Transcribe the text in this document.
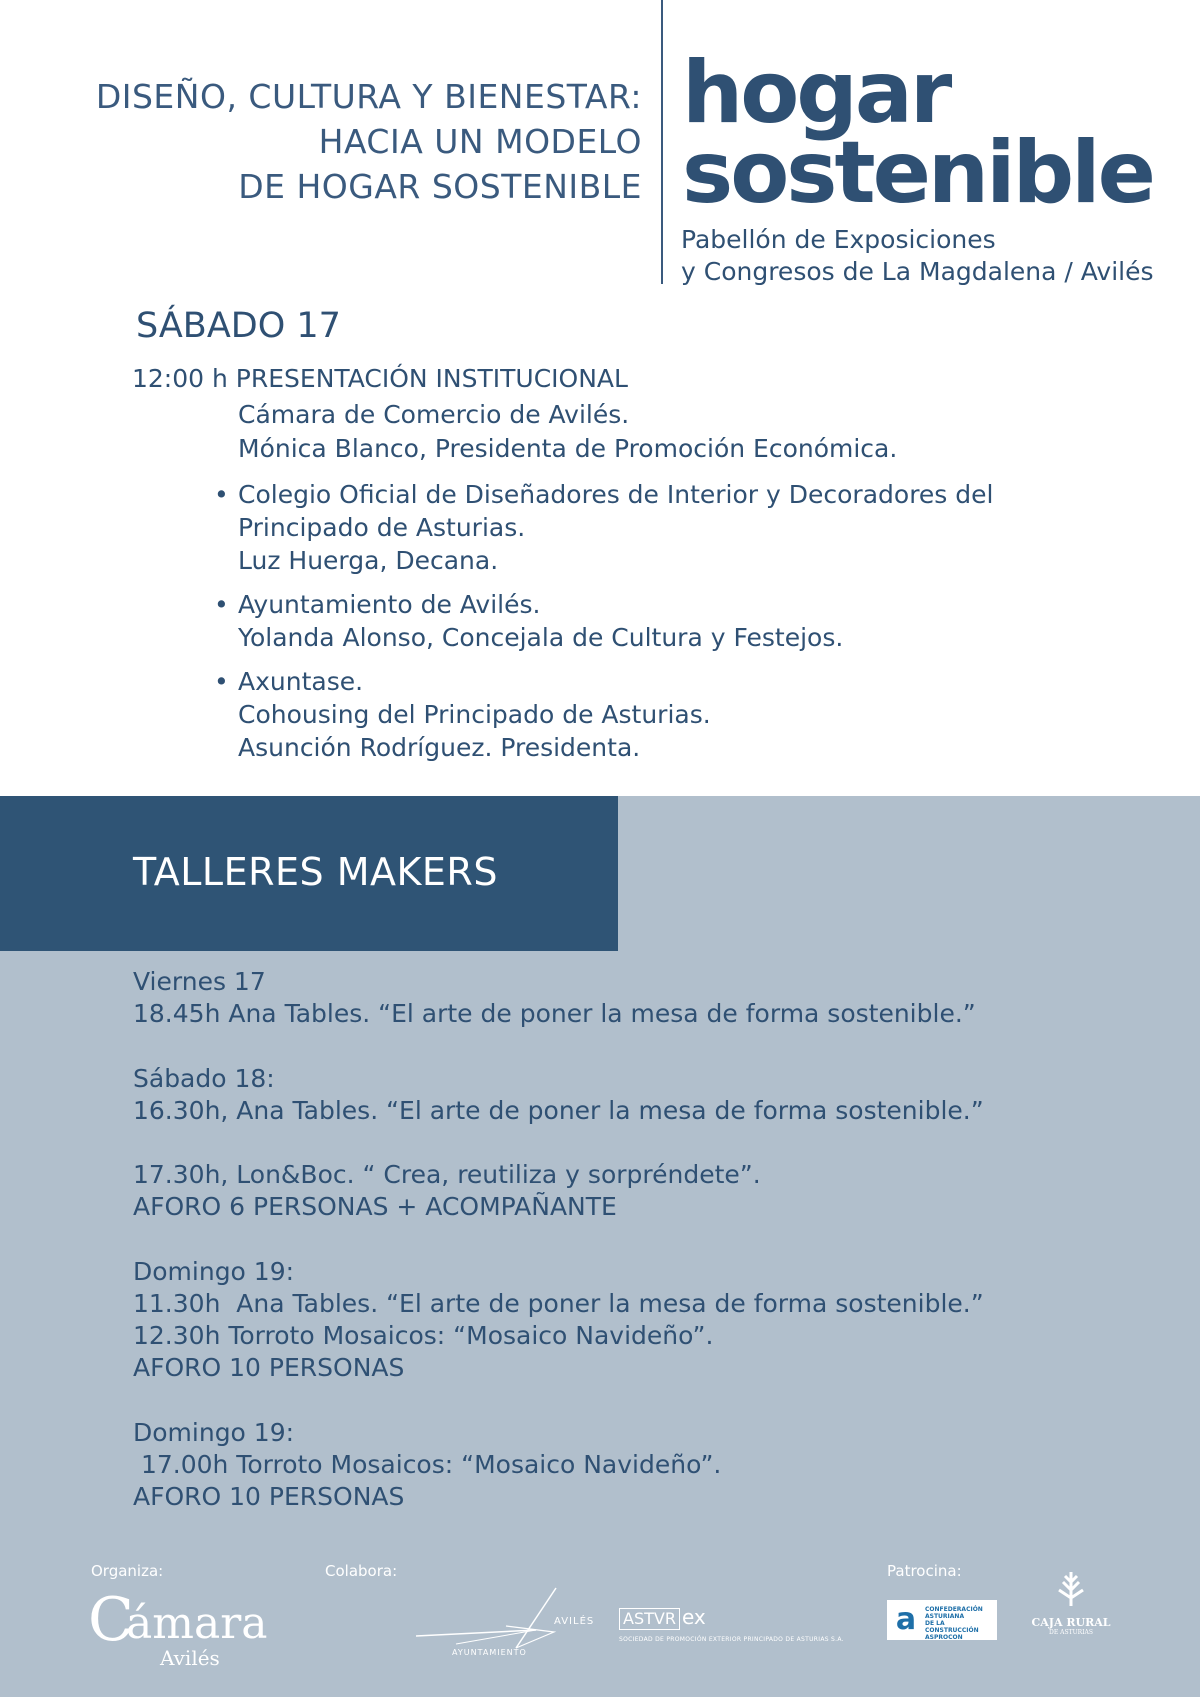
DISEÑO, CULTURA Y BIENESTAR:
HACIA UN MODELO
DE HOGAR SOSTENIBLE
hogar
sostenible
Pabellón de Exposiciones
y Congresos de La Magdalena / Avilés
SÁBADO 17
12:00 h PRESENTACIÓN INSTITUCIONAL
Cámara de Comercio de Avilés.
Mónica Blanco, Presidenta de Promoción Económica.
• Colegio Oficial de Diseñadores de Interior y Decoradores del
Principado de Asturias.
Luz Huerga, Decana.
• Ayuntamiento de Avilés.
Yolanda Alonso, Concejala de Cultura y Festejos.
• Axuntase.
Cohousing del Principado de Asturias.
Asunción Rodríguez. Presidenta.
TALLERES MAKERS
Viernes 17
18.45h Ana Tables. “El arte de poner la mesa de forma sostenible.”
Sábado 18:
16.30h, Ana Tables. “El arte de poner la mesa de forma sostenible.”
17.30h, Lon&Boc. “ Crea, reutiliza y sorpréndete”.
AFORO 6 PERSONAS + ACOMPAÑANTE
Domingo 19:
11.30h  Ana Tables. “El arte de poner la mesa de forma sostenible.”
12.30h Torroto Mosaicos: “Mosaico Navideño”.
AFORO 10 PERSONAS
Domingo 19:
17.00h Torroto Mosaicos: “Mosaico Navideño”.
AFORO 10 PERSONAS
Organiza:	Colabora:	Patrocina:
C
ámara
Avilés
AVILÉS
AYUNTAMIENTO
ASTVR ex
SOCIEDAD DE PROMOCIÓN EXTERIOR PRINCIPADO DE ASTURIAS S.A.
a	CONFEDERACIÓN
ASTURIANA
DE LA CONSTRUCCIÓN
ASPROCON
CAJA RURAL
DE ASTURIAS
